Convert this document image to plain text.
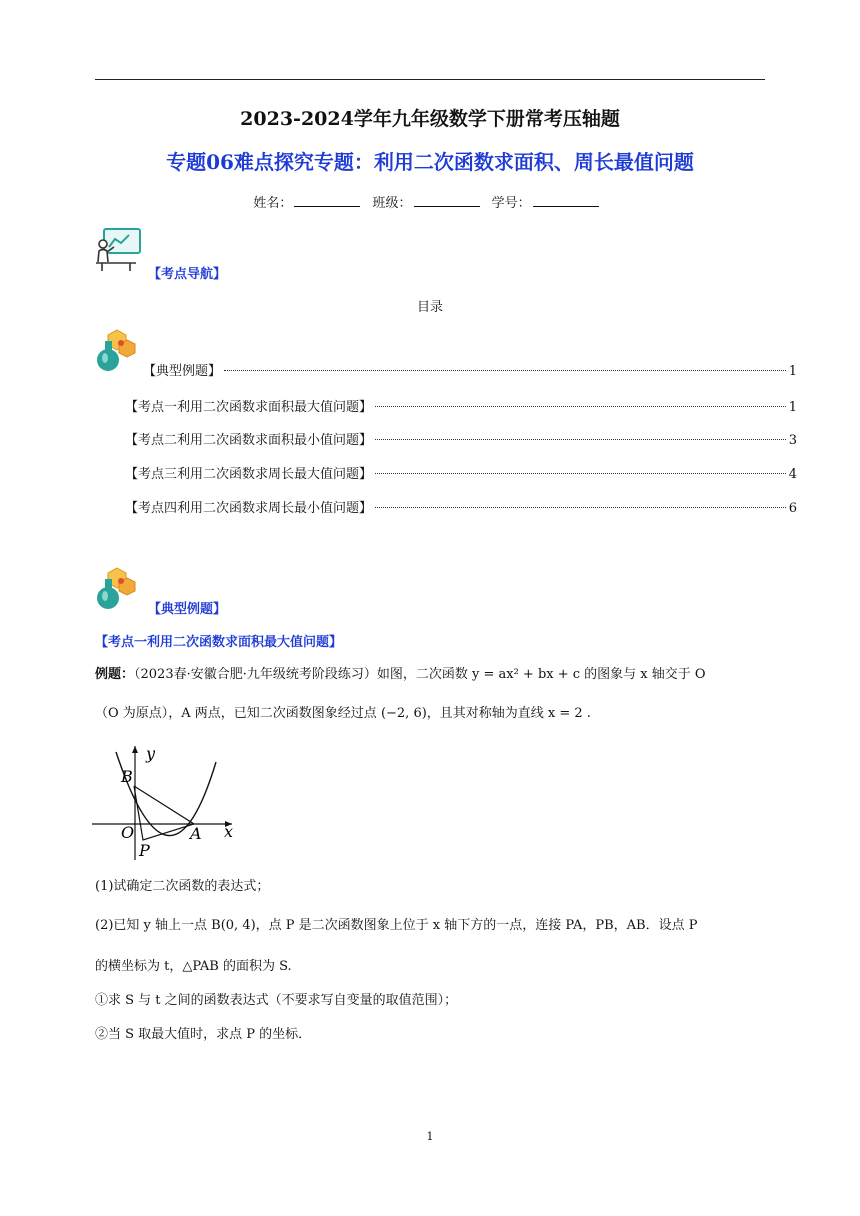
2023-2024学年九年级数学下册常考压轴题
专题06难点探究专题：利用二次函数求面积、周长最值问题
姓名：	班级：	学号：
【考点导航】
目录
【典型例题】	1
【考点一利用二次函数求面积最大值问题】	1
【考点二利用二次函数求面积最小值问题】	3
【考点三利用二次函数求周长最大值问题】	4
【考点四利用二次函数求周长最小值问题】	6
【典型例题】
【考点一利用二次函数求面积最大值问题】
例题：（2023春·安徽合肥·九年级统考阶段练习）如图，二次函数 y = ax² + bx + c 的图象与 x 轴交于 O
（O 为原点），A 两点，已知二次函数图象经过点 (−2, 6)，且其对称轴为直线 x = 2 .
y
x
B
O	A
P
(1)试确定二次函数的表达式；
(2)已知 y 轴上一点 B(0, 4)，点 P 是二次函数图象上位于 x 轴下方的一点，连接 PA，PB，AB．设点 P
的横坐标为 t，△PAB 的面积为 S.
①求 S 与 t 之间的函数表达式（不要求写自变量的取值范围）；
②当 S 取最大值时，求点 P 的坐标．
1
